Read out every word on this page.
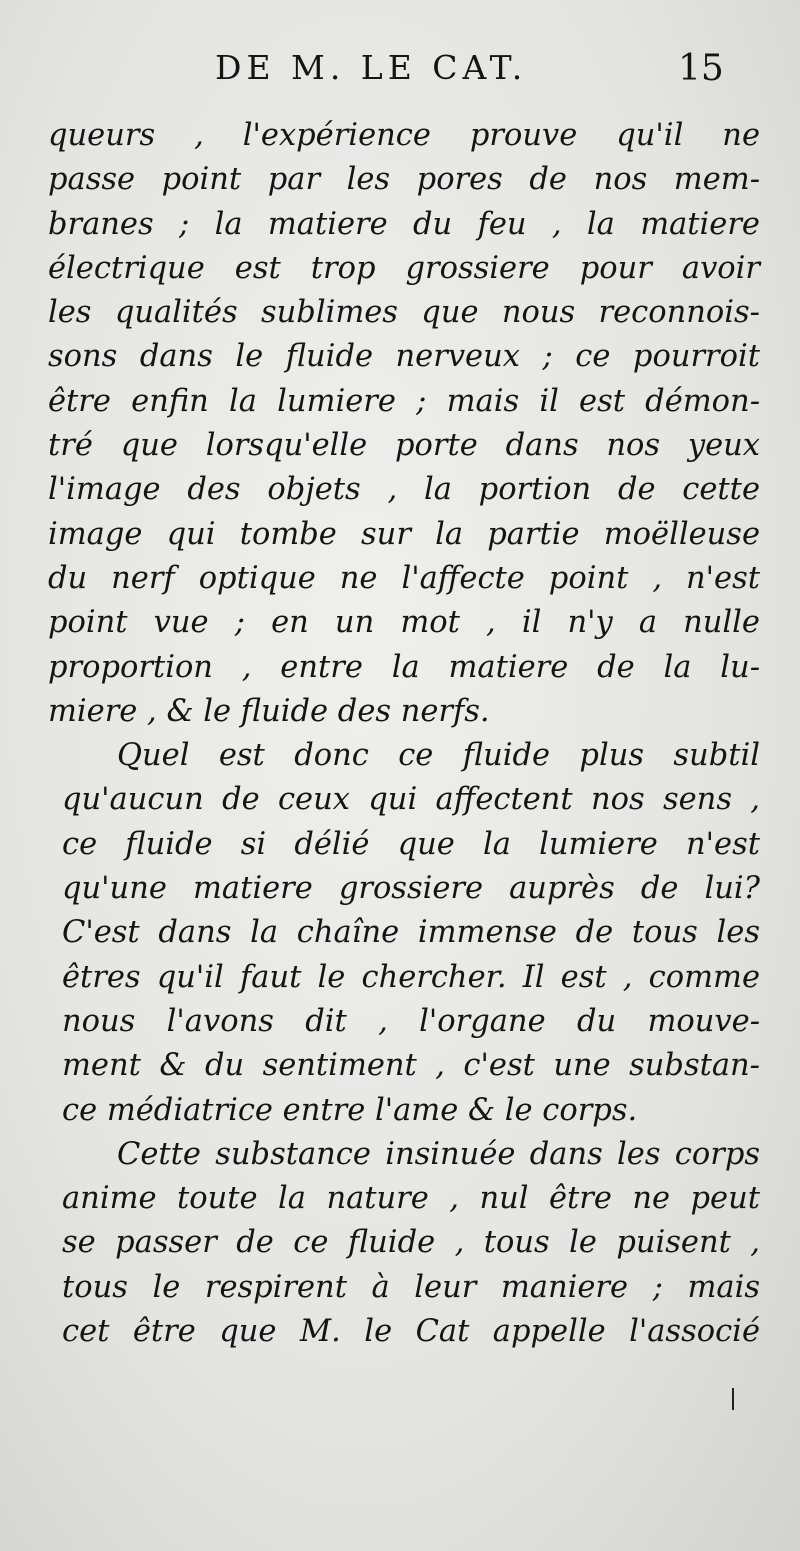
DE M. LE CAT.	15
queurs , l'expérience prouve qu'il ne
passe point par les pores de nos mem-
branes ; la matiere du feu , la matiere
électrique est trop grossiere pour avoir
les qualités sublimes que nous reconnois-
sons dans le fluide nerveux ; ce pourroit
être enfin la lumiere ; mais il est démon-
tré que lorsqu'elle porte dans nos yeux
l'image des objets , la portion de cette
image qui tombe sur la partie moëlleuse
du nerf optique ne l'affecte point , n'est
point vue ; en un mot , il n'y a nulle
proportion , entre la matiere de la lu-
miere , & le fluide des nerfs.
Quel est donc ce fluide plus subtil
qu'aucun de ceux qui affectent nos sens ,
ce fluide si délié que la lumiere n'est
qu'une matiere grossiere auprès de lui?
C'est dans la chaîne immense de tous les
êtres qu'il faut le chercher. Il est , comme
nous l'avons dit , l'organe du mouve-
ment & du sentiment , c'est une substan-
ce médiatrice entre l'ame & le corps.
Cette substance insinuée dans les corps
anime toute la nature , nul être ne peut
se passer de ce fluide , tous le puisent ,
tous le respirent à leur maniere ; mais
cet être que M. le Cat appelle l'associé
